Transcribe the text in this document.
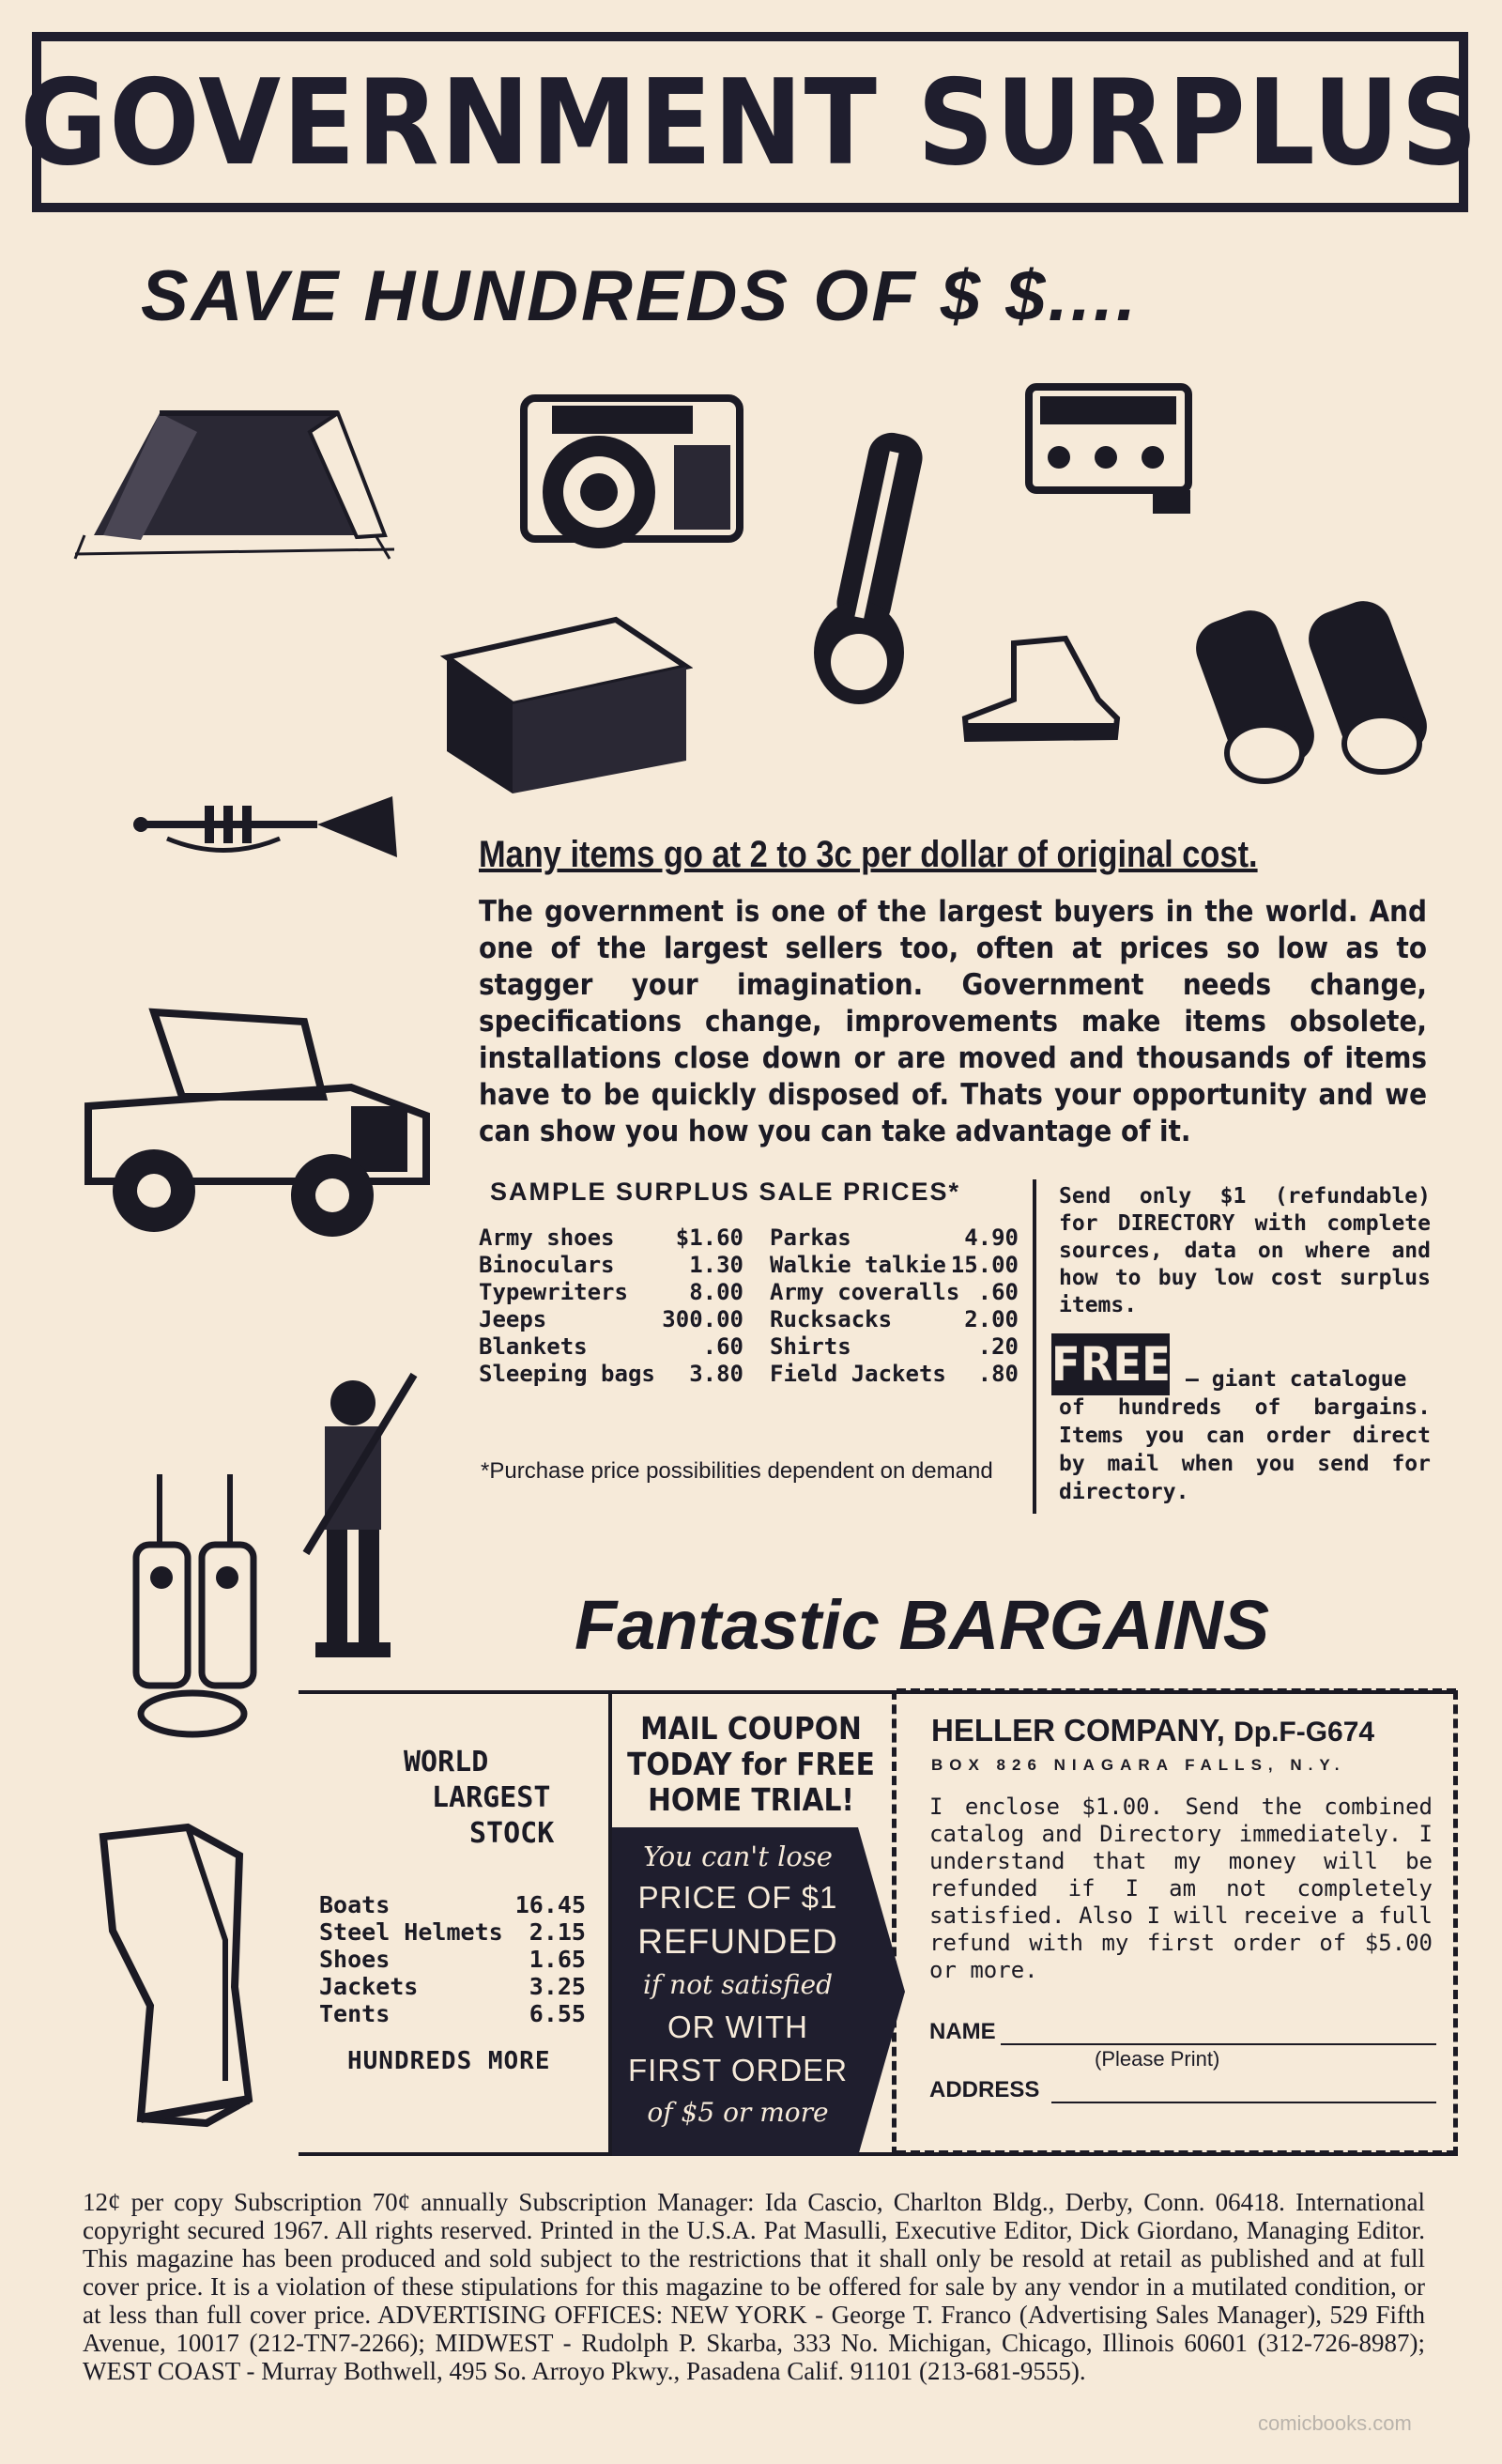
GOVERNMENT SURPLUS
SAVE HUNDREDS OF $ $....
Many items go at 2 to 3c per dollar of original cost.
The government is one of the largest buyers in the world. And one of the largest sellers too, often at prices so low as to stagger your imagination. Government needs change, specifications change, improvements make items obsolete, installations close down or are moved and thousands of items have to be quickly disposed of. Thats your opportunity and we can show you how you can take advantage of it.
SAMPLE SURPLUS SALE PRICES*
Army shoes	$1.60
Binoculars	1.30
Typewriters	8.00
Jeeps	300.00
Blankets	.60
Sleeping bags 3.80
Parkas	4.90
Walkie talkie 15.00
Army coveralls .60
Rucksacks	2.00
Shirts	.20
Field Jackets .80
*Purchase price possibilities dependent on demand
Send only $1 (refundable) for DIRECTORY with complete sources, data on where and how to buy low cost surplus items.
FREE — giant catalogue
of hundreds of bargains. Items you can order direct by mail when you send for directory.
Fantastic BARGAINS
WORLD
LARGEST
STOCK
Boats	16.45
Steel Helmets 2.15
Shoes	1.65
Jackets	3.25
Tents	6.55
HUNDREDS MORE
MAIL COUPON
TODAY for FREE
HOME TRIAL!
You can't lose
PRICE OF $1
REFUNDED
if not satisfied
OR WITH
FIRST ORDER
of $5 or more
HELLER COMPANY, Dp.F-G674
BOX 826 NIAGARA FALLS, N.Y.
I enclose $1.00. Send the combined catalog and Directory immediately. I understand that my money will be refunded if I am not completely satisfied. Also I will receive a full refund with my first order of $5.00 or more.
NAME
(Please Print)
ADDRESS
12¢ per copy Subscription 70¢ annually Subscription Manager: Ida Cascio, Charlton Bldg., Derby, Conn. 06418. International copyright secured 1967. All rights reserved. Printed in the U.S.A. Pat Masulli, Executive Editor, Dick Giordano, Managing Editor. This magazine has been produced and sold subject to the restrictions that it shall only be resold at retail as published and at full cover price. It is a violation of these stipulations for this magazine to be offered for sale by any vendor in a mutilated condition, or at less than full cover price. ADVERTISING OFFICES: NEW YORK - George T. Franco (Advertising Sales Manager), 529 Fifth Avenue, 10017 (212-TN7-2266); MIDWEST - Rudolph P. Skarba, 333 No. Michigan, Chicago, Illinois 60601 (312-726-8987); WEST COAST - Murray Bothwell, 495 So. Arroyo Pkwy., Pasadena Calif. 91101 (213-681-9555).
comicbooks.com
